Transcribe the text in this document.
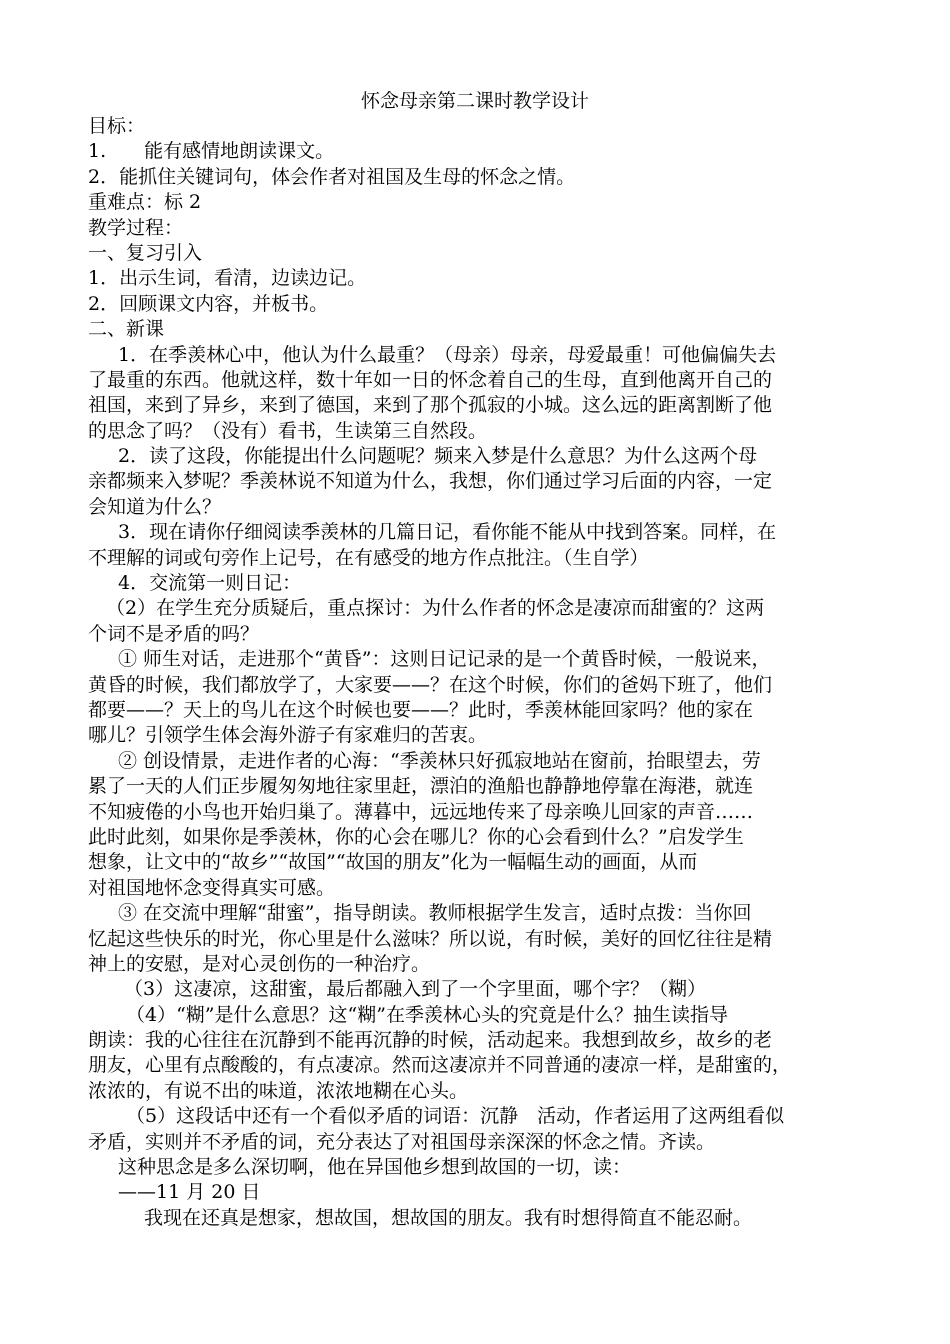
怀念母亲第二课时教学设计
目标：
1.　　能有感情地朗读课文。
2．能抓住关键词句，体会作者对祖国及生母的怀念之情。
重难点：标 2
教学过程：
一、复习引入
1．出示生词，看清，边读边记。
2．回顾课文内容，并板书。
二、新课
1．在季羡林心中，他认为什么最重？（母亲）母亲，母爱最重！可他偏偏失去
了最重的东西。他就这样，数十年如一日的怀念着自己的生母，直到他离开自己的
祖国，来到了异乡，来到了德国，来到了那个孤寂的小城。这么远的距离割断了他
的思念了吗？（没有）看书，生读第三自然段。
2．读了这段，你能提出什么问题呢？频来入梦是什么意思？为什么这两个母
亲都频来入梦呢？季羡林说不知道为什么，我想，你们通过学习后面的内容，一定
会知道为什么？
3．现在请你仔细阅读季羡林的几篇日记，看你能不能从中找到答案。同样，在
不理解的词或句旁作上记号，在有感受的地方作点批注。（生自学）
4．交流第一则日记：
（2）在学生充分质疑后，重点探讨：为什么作者的怀念是凄凉而甜蜜的？这两
个词不是矛盾的吗？
① 师生对话，走进那个“黄昏”：这则日记记录的是一个黄昏时候，一般说来，
黄昏的时候，我们都放学了，大家要——？在这个时候，你们的爸妈下班了，他们
都要——？天上的鸟儿在这个时候也要——？此时，季羡林能回家吗？他的家在
哪儿？引领学生体会海外游子有家难归的苦衷。
② 创设情景，走进作者的心海：“季羡林只好孤寂地站在窗前，抬眼望去，劳
累了一天的人们正步履匆匆地往家里赶，漂泊的渔船也静静地停靠在海港，就连
不知疲倦的小鸟也开始归巢了。薄暮中，远远地传来了母亲唤儿回家的声音……
此时此刻，如果你是季羡林，你的心会在哪儿？你的心会看到什么？”启发学生
想象，让文中的“故乡”“故国”“故国的朋友”化为一幅幅生动的画面，从而
对祖国地怀念变得真实可感。
③ 在交流中理解“甜蜜”，指导朗读。教师根据学生发言，适时点拨：当你回
忆起这些快乐的时光，你心里是什么滋味？所以说，有时候，美好的回忆往往是精
神上的安慰，是对心灵创伤的一种治疗。
（3）这凄凉，这甜蜜，最后都融入到了一个字里面，哪个字？（糊）
（4）“糊”是什么意思？这“糊”在季羡林心头的究竟是什么？抽生读指导
朗读：我的心往往在沉静到不能再沉静的时候，活动起来。我想到故乡，故乡的老
朋友，心里有点酸酸的，有点凄凉。然而这凄凉并不同普通的凄凉一样，是甜蜜的，
浓浓的，有说不出的味道，浓浓地糊在心头。
（5）这段话中还有一个看似矛盾的词语：沉静　活动，作者运用了这两组看似
矛盾，实则并不矛盾的词，充分表达了对祖国母亲深深的怀念之情。齐读。
这种思念是多么深切啊，他在异国他乡想到故国的一切，读：
——11 月 20 日
我现在还真是想家，想故国，想故国的朋友。我有时想得简直不能忍耐。
